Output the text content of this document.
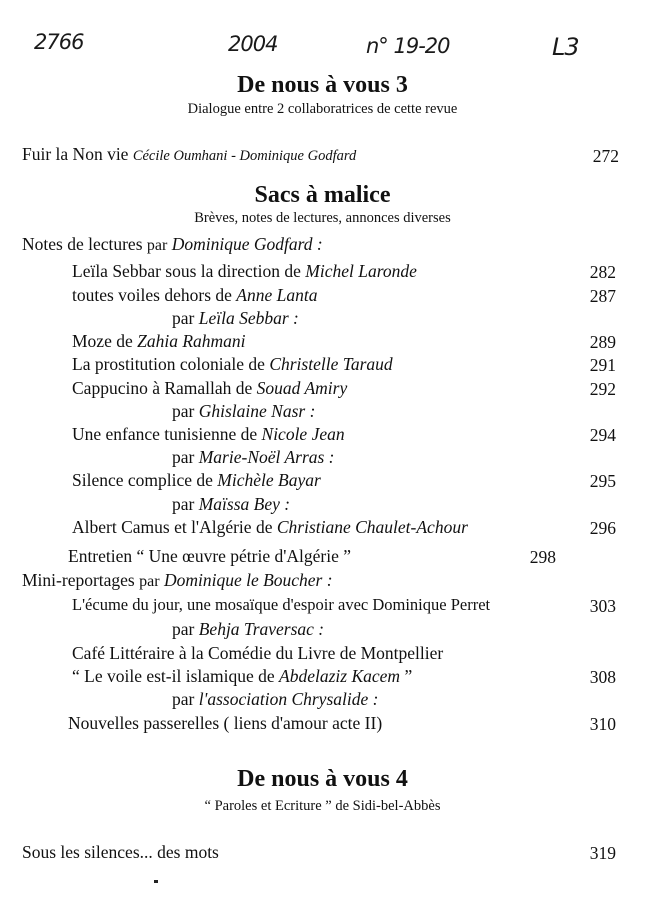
2766	2004	n° 19-20	L3
De nous à vous 3
Dialogue entre 2 collaboratrices de cette revue
Fuir la Non vie Cécile Oumhani - Dominique Godfard	272
Sacs à malice
Brèves, notes de lectures, annonces diverses
Notes de lectures par Dominique Godfard :
Leïla Sebbar sous la direction de Michel Laronde	282
toutes voiles dehors de Anne Lanta	287
par Leïla Sebbar :
Moze de Zahia Rahmani	289
La prostitution coloniale de Christelle Taraud	291
Cappucino à Ramallah de Souad Amiry	292
par Ghislaine Nasr :
Une enfance tunisienne de Nicole Jean	294
par Marie-Noël Arras :
Silence complice de Michèle Bayar	295
par Maïssa Bey :
Albert Camus et l'Algérie de Christiane Chaulet-Achour	296
Entretien “ Une œuvre pétrie d'Algérie ”	298
Mini-reportages par Dominique le Boucher :
L'écume du jour, une mosaïque d'espoir avec Dominique Perret	303
par Behja Traversac :
Café Littéraire à la Comédie du Livre de Montpellier
“ Le voile est-il islamique de Abdelaziz Kacem ”	308
par l'association Chrysalide :
Nouvelles passerelles ( liens d'amour acte II)	310
De nous à vous 4
“ Paroles et Ecriture ” de Sidi-bel-Abbès
Sous les silences... des mots	319
